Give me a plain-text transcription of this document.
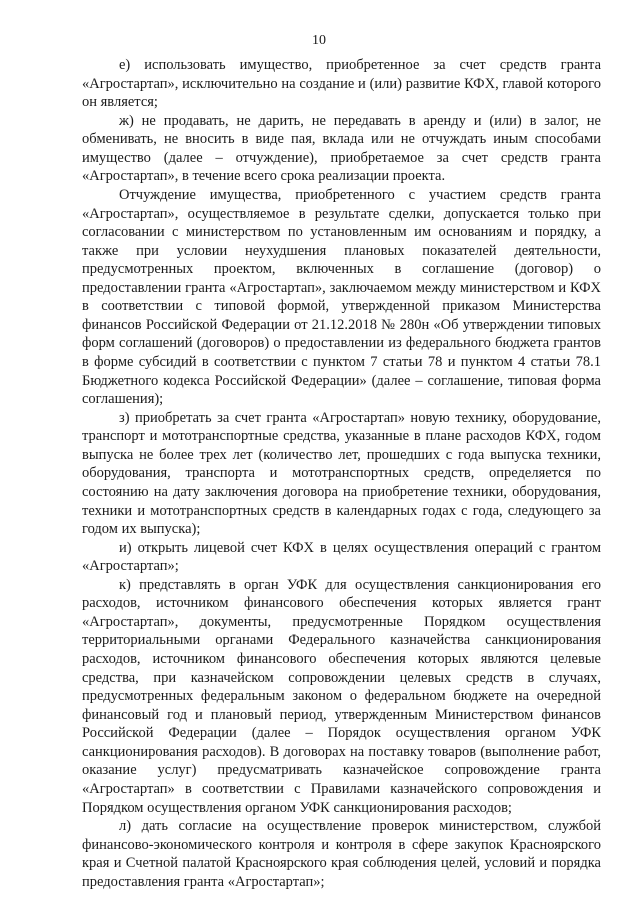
10

е) использовать имущество, приобретенное за счет средств гранта «Агростартап», исключительно на создание и (или) развитие КФХ, главой которого он является;

ж) не продавать, не дарить, не передавать в аренду и (или) в залог, не обменивать, не вносить в виде пая, вклада или не отчуждать иным способами имущество (далее – отчуждение), приобретаемое за счет средств гранта «Агростартап», в течение всего срока реализации проекта.

Отчуждение имущества, приобретенного с участием средств гранта «Агростартап», осуществляемое в результате сделки, допускается только при согласовании с министерством по установленным им основаниям и порядку, а также при условии неухудшения плановых показателей деятельности, предусмотренных проектом, включенных в соглашение (договор) о предоставлении гранта «Агростартап», заключаемом между министерством и КФХ в соответствии с типовой формой, утвержденной приказом Министерства финансов Российской Федерации от 21.12.2018 № 280н «Об утверждении типовых форм соглашений (договоров) о предоставлении из федерального бюджета грантов в форме субсидий в соответствии с пунктом 7 статьи 78 и пунктом 4 статьи 78.1 Бюджетного кодекса Российской Федерации» (далее – соглашение, типовая форма соглашения);

з) приобретать за счет гранта «Агростартап» новую технику, оборудование, транспорт и мототранспортные средства, указанные в плане расходов КФХ, годом выпуска не более трех лет (количество лет, прошедших с года выпуска техники, оборудования, транспорта и мототранспортных средств, определяется по состоянию на дату заключения договора на приобретение техники, оборудования, техники и мототранспортных средств в календарных годах с года, следующего за годом их выпуска);

и) открыть лицевой счет КФХ в целях осуществления операций с грантом «Агростартап»;

к) представлять в орган УФК для осуществления санкционирования его расходов, источником финансового обеспечения которых является грант «Агростартап», документы, предусмотренные Порядком осуществления территориальными органами Федерального казначейства санкционирования расходов, источником финансового обеспечения которых являются целевые средства, при казначейском сопровождении целевых средств в случаях, предусмотренных федеральным законом о федеральном бюджете на очередной финансовый год и плановый период, утвержденным Министерством финансов Российской Федерации (далее – Порядок осуществления органом УФК санкционирования расходов). В договорах на поставку товаров (выполнение работ, оказание услуг) предусматривать казначейское сопровождение гранта «Агростартап» в соответствии с Правилами казначейского сопровождения и Порядком осуществления органом УФК санкционирования расходов;

л) дать согласие на осуществление проверок министерством, службой финансово-экономического контроля и контроля в сфере закупок Красноярского края и Счетной палатой Красноярского края соблюдения целей, условий и порядка предоставления гранта «Агростартап»;
